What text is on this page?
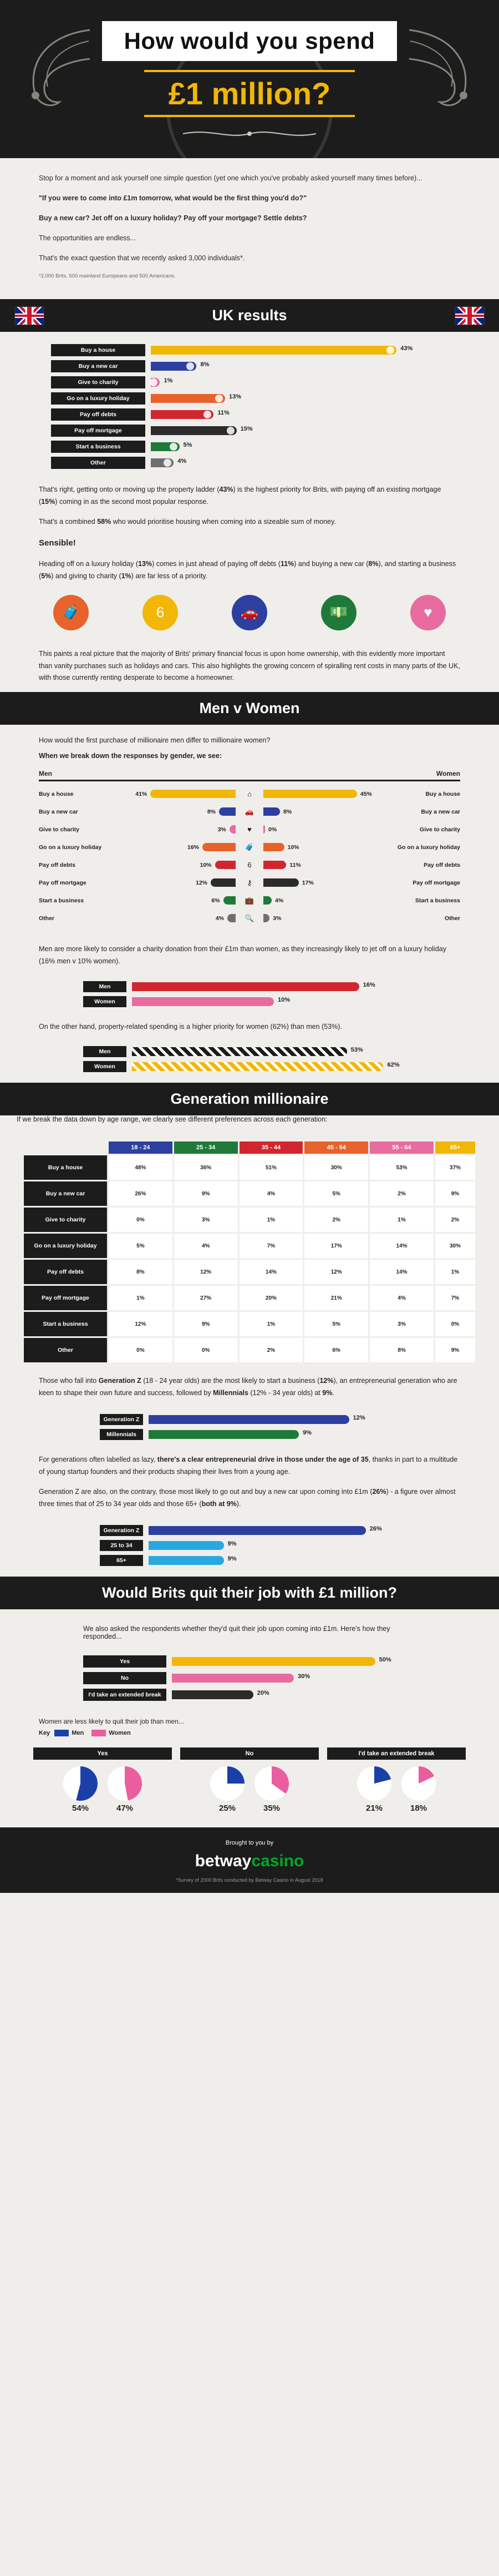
How would you spend
£1 million?

Stop for a moment and ask yourself one simple question (yet one which you've probably asked yourself many times before)...

"If you were to come into £1m tomorrow, what would be the first thing you'd do?"

Buy a new car? Jet off on a luxury holiday? Pay off your mortgage? Settle debts?

The opportunities are endless...

That's the exact question that we recently asked 3,000 individuals*.

*2,000 Brits, 500 mainland Europeans and 500 Americans.

UK results
Buy a house	43%
Buy a new car	8%
Give to charity	1%
Go on a luxury holiday	13%
Pay off debts	11%
Pay off mortgage	15%
Start a business	5%
Other	4%

That's right, getting onto or moving up the property ladder (43%) is the highest priority for Brits, with paying off an existing mortgage (15%) coming in as the second most popular response.

That's a combined 58% who would prioritise housing when coming into a sizeable sum of money.

Sensible!

Heading off on a luxury holiday (13%) comes in just ahead of paying off debts (11%) and buying a new car (8%), and starting a business (5%) and giving to charity (1%) are far less of a priority.

🧳	6	🚗	💵	♥

This paints a real picture that the majority of Brits' primary financial focus is upon home ownership, with this evidently more important than vanity purchases such as holidays and cars. This also highlights the growing concern of spiralling rent costs in many parts of the UK, with those currently renting desperate to become a homeowner.

Men v Women

How would the first purchase of millionaire men differ to millionaire women?

When we break down the responses by gender, we see:

Men	Women
Buy a house	41%	⌂	45%	Buy a house
Buy a new car	8%	🚗	8%	Buy a new car
Give to charity	3%	♥	0%	Give to charity
Go on a luxury holiday	16%	🧳	10%	Go on a luxury holiday
Pay off debts	10%	6	11%	Pay off debts
Pay off mortgage	12%	⚷	17%	Pay off mortgage
Start a business	6%	💼	4%	Start a business
Other	4%	🔍	3%	Other

Men are more likely to consider a charity donation from their £1m than women, as they increasingly likely to jet off on a luxury holiday (16% men v 10% women).

Men	16%
Women	10%

On the other hand, property-related spending is a higher priority for women (62%) than men (53%).

Men	53%
Women	62%
Generation millionaire
If we break the data down by age range, we clearly see different preferences across each generation:
	18 - 24	25 - 34	35 - 44	45 - 54	55 - 64	65+
Buy a house	48%	36%	51%	30%	53%	37%

Buy a new car	26%	9%	4%	5%	2%	9%

Give to charity	0%	3%	1%	2%	1%	2%

Go on a luxury holiday	5%	4%	7%	17%	14%	30%

Pay off debts	8%	12%	14%	12%	14%	1%

Pay off mortgage	1%	27%	20%	21%	4%	7%

Start a business	12%	9%	1%	5%	3%	0%

Other	0%	0%	2%	6%	8%	9%

Those who fall into Generation Z (18 - 24 year olds) are the most likely to start a business (12%), an entrepreneurial generation who are keen to shape their own future and success, followed by Millennials (12% - 34 year olds) at 9%.

Generation Z	12%
Millennials	9%

For generations often labelled as lazy, there's a clear entrepreneurial drive in those under the age of 35, thanks in part to a multitude of young startup founders and their products shaping their lives from a young age.

Generation Z are also, on the contrary, those most likely to go out and buy a new car upon coming into £1m (26%) - a figure over almost three times that of 25 to 34 year olds and those 65+ (both at 9%).

Generation Z	26%
25 to 34	9%
65+	9%
Would Brits quit their job with £1 million?

We also asked the respondents whether they'd quit their job upon coming into £1m. Here's how they responded...

Yes	50%
No	30%
I'd take an extended break	20%
Women are less likely to quit their job than men...
Key	Men	Women
Yes
54%	47%
No
25%	35%
I'd take an extended break
21%	18%
Brought to you by
betwaycasino
*Survey of 2000 Brits conducted by Betway Casino in August 2018
